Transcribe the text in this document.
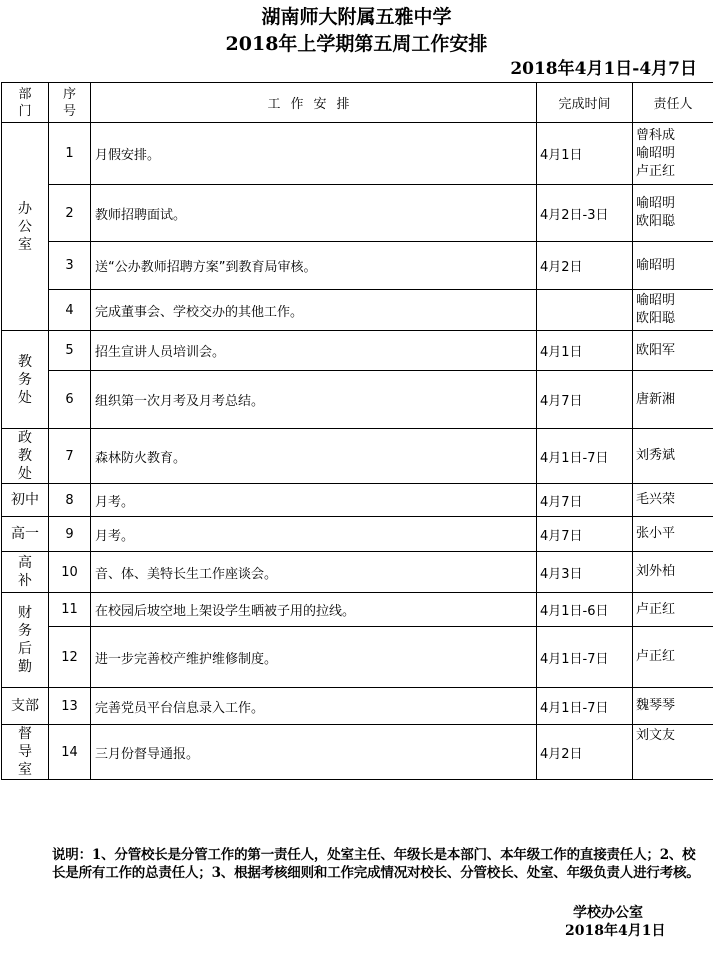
湖南师大附属五雅中学
2018年上学期第五周工作安排
2018年4月1日-4月7日
部门	序号	工作安排	完成时间	责任人
办公室	1	月假安排。	4月1日	曾科成
喻昭明
卢正红

	2	教师招聘面试。	4月2日-3日	喻昭明
欧阳聪

	3	送“公办教师招聘方案”到教育局审核。	4月2日	喻昭明

	4	完成董事会、学校交办的其他工作。		喻昭明
欧阳聪

教务处	5	招生宣讲人员培训会。	4月1日	欧阳军

	6	组织第一次月考及月考总结。	4月7日	唐新湘

政教处	7	森林防火教育。	4月1日-7日	刘秀斌

初中	8	月考。	4月7日	毛兴荣

高一	9	月考。	4月7日	张小平

高补	10	音、体、美特长生工作座谈会。	4月3日	刘外柏

财务后勤	11	在校园后坡空地上架设学生晒被子用的拉线。	4月1日-6日	卢正红

	12	进一步完善校产维护维修制度。	4月1日-7日	卢正红

支部	13	完善党员平台信息录入工作。	4月1日-7日	魏琴琴

督导室	14	三月份督导通报。	4月2日	刘文友
说明：1、分管校长是分管工作的第一责任人，处室主任、年级长是本部门、本年级工作的直接责任人；2、校长是所有工作的总责任人；3、根据考核细则和工作完成情况对校长、分管校长、处室、年级负责人进行考核。
学校办公室
2018年4月1日
